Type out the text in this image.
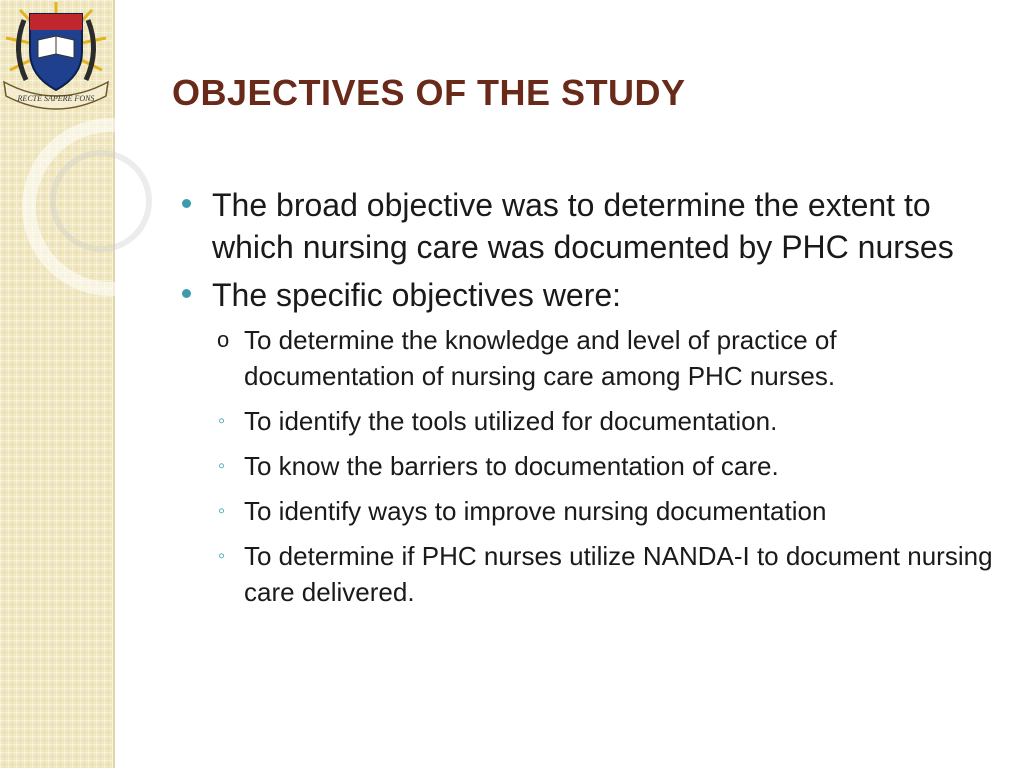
RECTE SAPERE FONS OBJECTIVES OF THE STUDY
The broad objective was to determine the extent to which nursing care was documented by PHC nurses
The specific objectives were:
o To determine the knowledge and level of practice of documentation of nursing care among PHC nurses.
◦ To identify the tools utilized for documentation.
◦ To know the barriers to documentation of care.
◦ To identify ways to improve nursing documentation
◦ To determine if PHC nurses utilize NANDA-I to document nursing care delivered.
